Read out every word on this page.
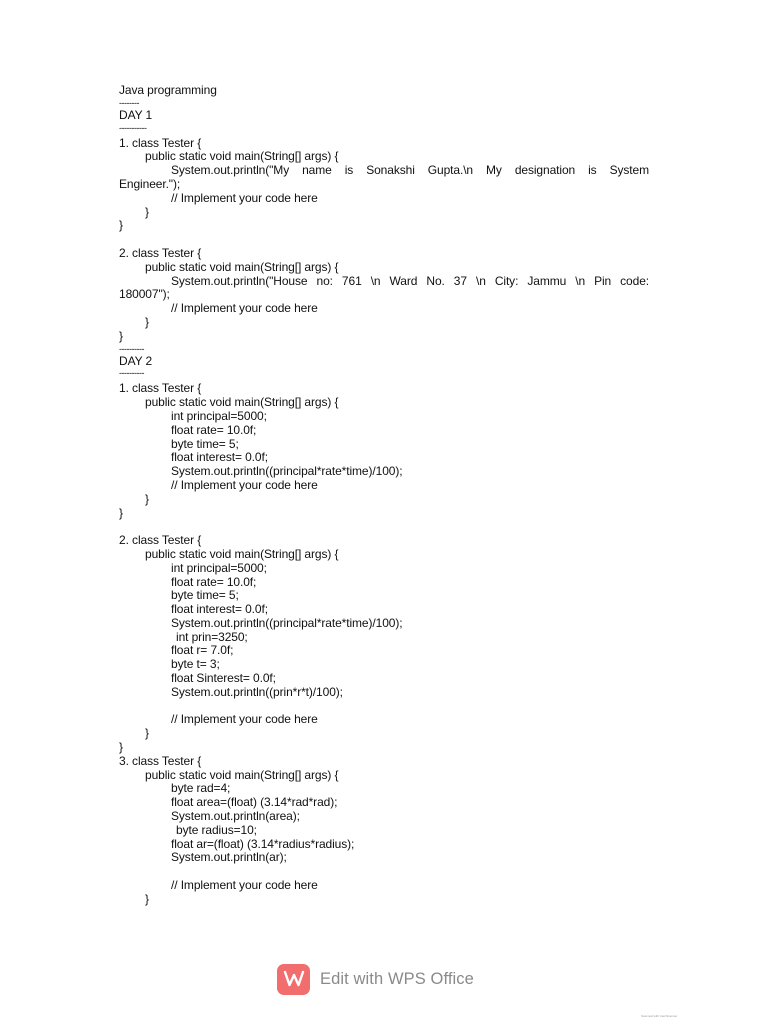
Java programming
--------
DAY 1
-----------
1. class Tester {
public static void main(String[] args) {
System.out.println("My name is Sonakshi Gupta.\n My designation is System
Engineer.");
// Implement your code here
}
}
2. class Tester {
public static void main(String[] args) {
System.out.println("House no: 761 \n Ward No. 37 \n City: Jammu \n Pin code:
180007");
// Implement your code here
}
}
----------
DAY 2
----------
1. class Tester {
public static void main(String[] args) {
int principal=5000;
float rate= 10.0f;
byte time= 5;
float interest= 0.0f;
System.out.println((principal*rate*time)/100);
// Implement your code here
}
}
2. class Tester {
public static void main(String[] args) {
int principal=5000;
float rate= 10.0f;
byte time= 5;
float interest= 0.0f;
System.out.println((principal*rate*time)/100);
int prin=3250;
float r= 7.0f;
byte t= 3;
float Sinterest= 0.0f;
System.out.println((prin*r*t)/100);
// Implement your code here
}
}
3. class Tester {
public static void main(String[] args) {
byte rad=4;
float area=(float) (3.14*rad*rad);
System.out.println(area);
byte radius=10;
float ar=(float) (3.14*radius*radius);
System.out.println(ar);
// Implement your code here
}
Edit with WPS Office
Scanned with CamScanner
